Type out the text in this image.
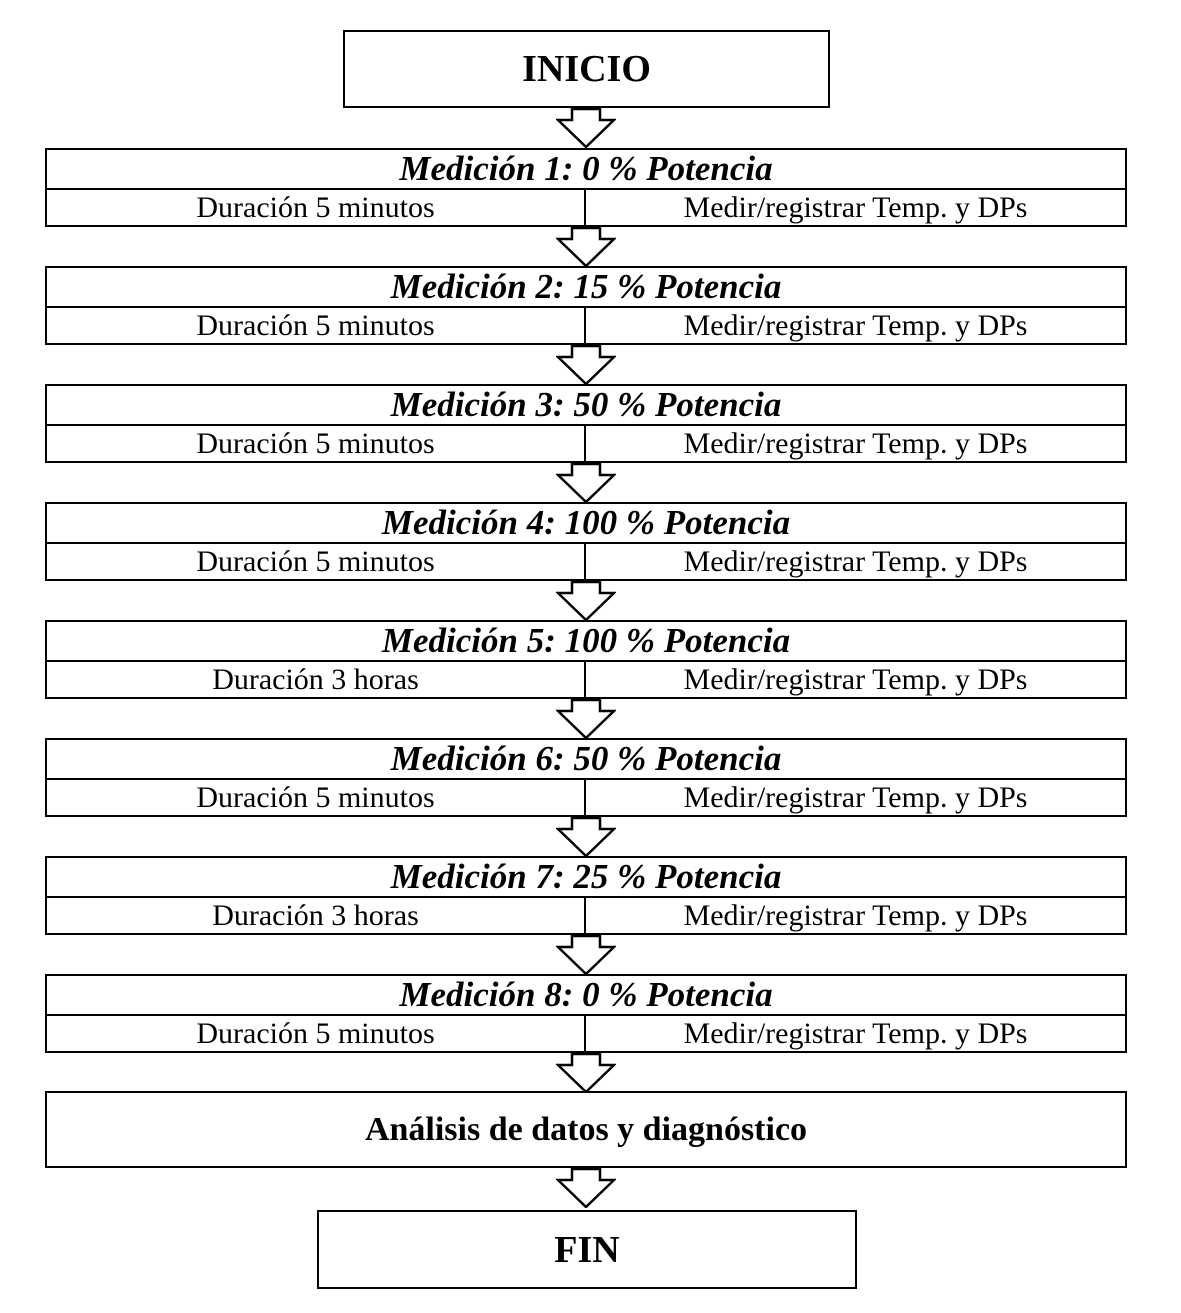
INICIO
Medición 1: 0 % Potencia
Duración 5 minutos	Medir/registrar Temp. y DPs
Medición 2: 15 % Potencia
Duración 5 minutos	Medir/registrar Temp. y DPs
Medición 3: 50 % Potencia
Duración 5 minutos	Medir/registrar Temp. y DPs
Medición 4: 100 % Potencia
Duración 5 minutos	Medir/registrar Temp. y DPs
Medición 5: 100 % Potencia
Duración 3 horas	Medir/registrar Temp. y DPs
Medición 6: 50 % Potencia
Duración 5 minutos	Medir/registrar Temp. y DPs
Medición 7: 25 % Potencia
Duración 3 horas	Medir/registrar Temp. y DPs
Medición 8: 0 % Potencia
Duración 5 minutos	Medir/registrar Temp. y DPs
Análisis de datos y diagnóstico
FIN
